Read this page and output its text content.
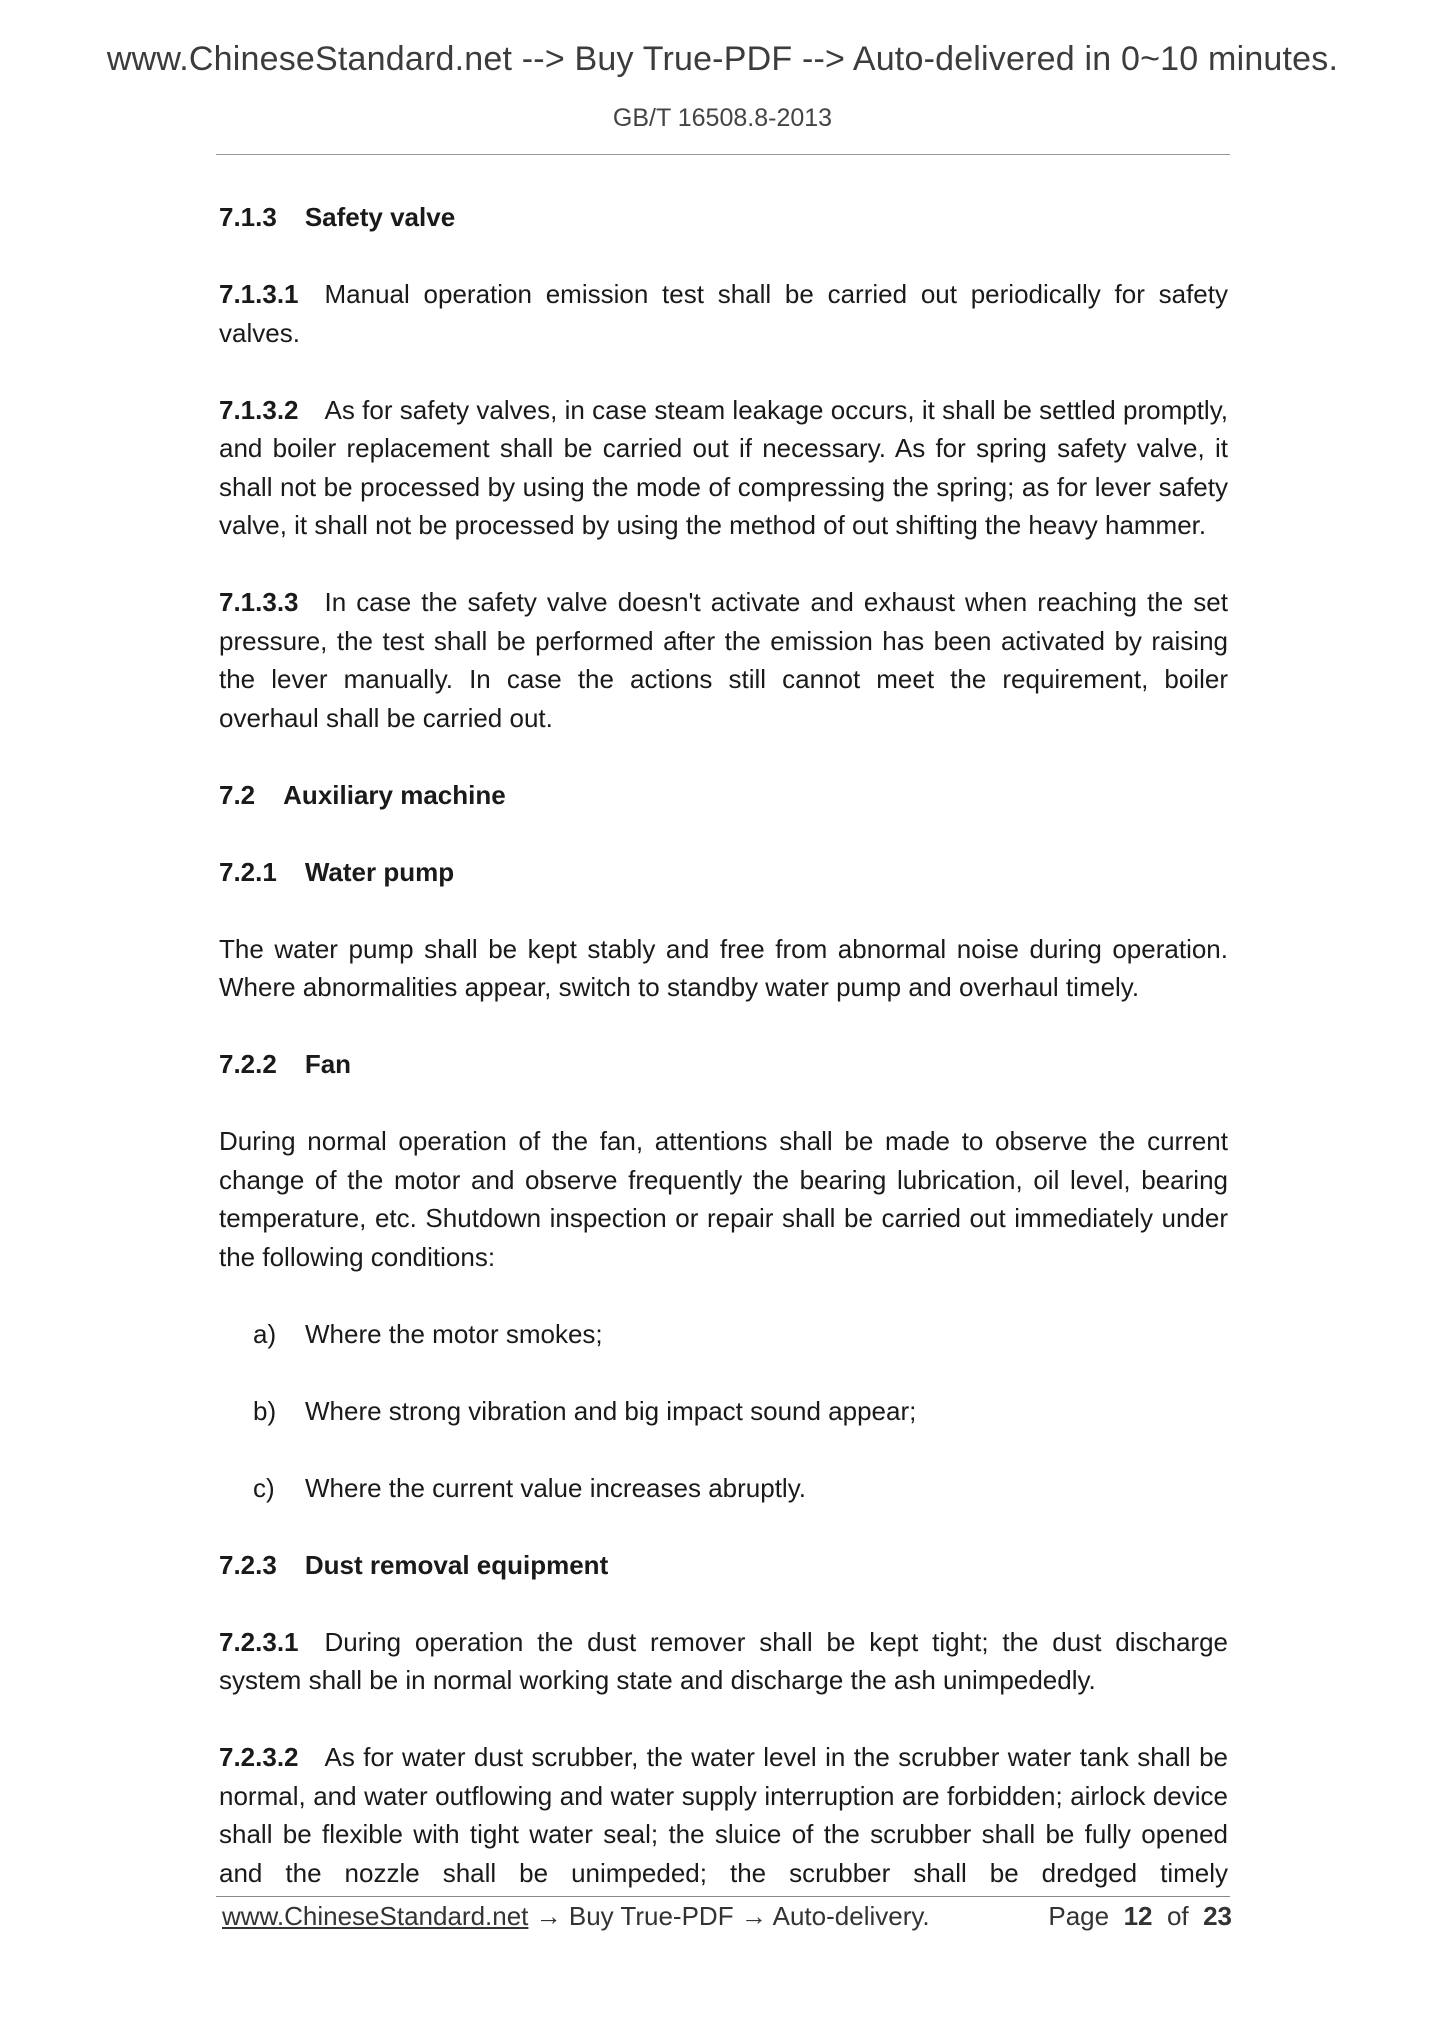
www.ChineseStandard.net --> Buy True-PDF --> Auto-delivered in 0~10 minutes.
GB/T 16508.8-2013
7.1.3 Safety valve
7.1.3.1 Manual operation emission test shall be carried out periodically for safety valves.
7.1.3.2 As for safety valves, in case steam leakage occurs, it shall be settled promptly, and boiler replacement shall be carried out if necessary. As for spring safety valve, it shall not be processed by using the mode of compressing the spring; as for lever safety valve, it shall not be processed by using the method of out shifting the heavy hammer.
7.1.3.3 In case the safety valve doesn't activate and exhaust when reaching the set pressure, the test shall be performed after the emission has been activated by raising the lever manually. In case the actions still cannot meet the requirement, boiler overhaul shall be carried out.
7.2 Auxiliary machine
7.2.1 Water pump
The water pump shall be kept stably and free from abnormal noise during operation. Where abnormalities appear, switch to standby water pump and overhaul timely.
7.2.2 Fan
During normal operation of the fan, attentions shall be made to observe the current change of the motor and observe frequently the bearing lubrication, oil level, bearing temperature, etc. Shutdown inspection or repair shall be carried out immediately under the following conditions:
a) Where the motor smokes;
b) Where strong vibration and big impact sound appear;
c) Where the current value increases abruptly.
7.2.3 Dust removal equipment
7.2.3.1 During operation the dust remover shall be kept tight; the dust discharge system shall be in normal working state and discharge the ash unimpededly.
7.2.3.2 As for water dust scrubber, the water level in the scrubber water tank shall be normal, and water outflowing and water supply interruption are forbidden; airlock device shall be flexible with tight water seal; the sluice of the scrubber shall be fully opened and the nozzle shall be unimpeded; the scrubber shall be dredged timely
www.ChineseStandard.net → Buy True-PDF → Auto-delivery.	Page 12 of 23
